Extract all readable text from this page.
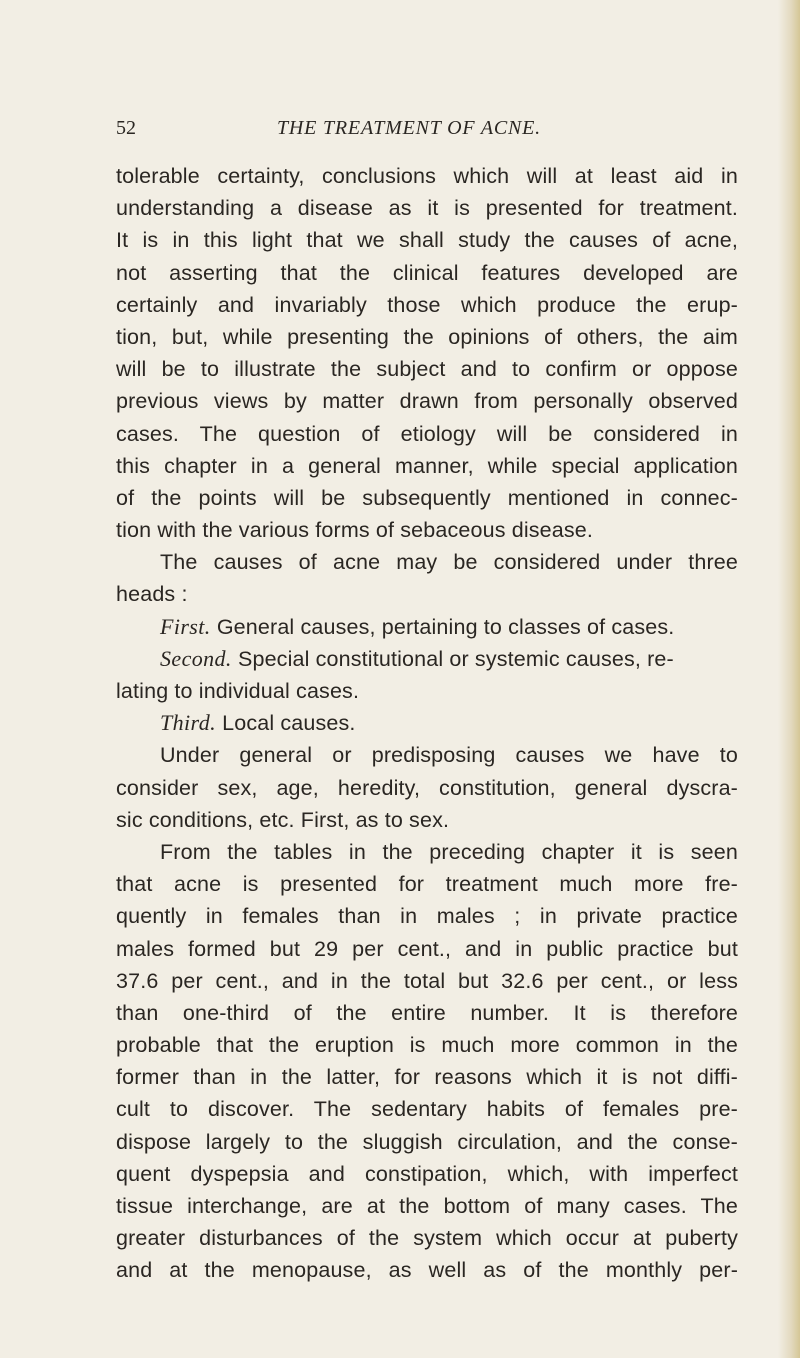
52	THE TREATMENT OF ACNE.
tolerable certainty, conclusions which will at least aid in
understanding a disease as it is presented for treatment.
It is in this light that we shall study the causes of acne,
not asserting that the clinical features developed are
certainly and invariably those which produce the erup-
tion, but, while presenting the opinions of others, the aim
will be to illustrate the subject and to confirm or oppose
previous views by matter drawn from personally observed
cases. The question of etiology will be considered in
this chapter in a general manner, while special application
of the points will be subsequently mentioned in connec-
tion with the various forms of sebaceous disease.
The causes of acne may be considered under three
heads :
First. General causes, pertaining to classes of cases.
Second. Special constitutional or systemic causes, re-
lating to individual cases.
Third. Local causes.
Under general or predisposing causes we have to
consider sex, age, heredity, constitution, general dyscra-
sic conditions, etc. First, as to sex.
From the tables in the preceding chapter it is seen
that acne is presented for treatment much more fre-
quently in females than in males ; in private practice
males formed but 29 per cent., and in public practice but
37.6 per cent., and in the total but 32.6 per cent., or less
than one-third of the entire number. It is therefore
probable that the eruption is much more common in the
former than in the latter, for reasons which it is not diffi-
cult to discover. The sedentary habits of females pre-
dispose largely to the sluggish circulation, and the conse-
quent dyspepsia and constipation, which, with imperfect
tissue interchange, are at the bottom of many cases. The
greater disturbances of the system which occur at puberty
and at the menopause, as well as of the monthly per-
